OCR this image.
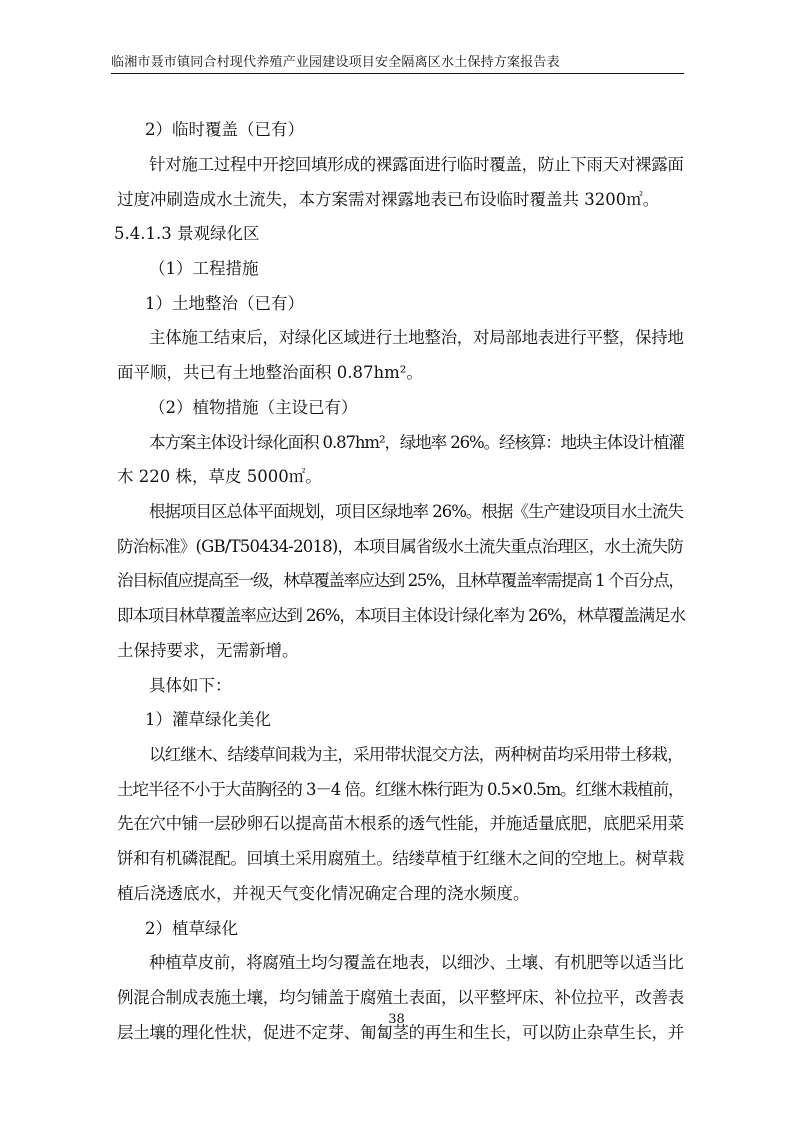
临湘市聂市镇同合村现代养殖产业园建设项目安全隔离区水土保持方案报告表
2）临时覆盖（已有）
针对施工过程中开挖回填形成的裸露面进行临时覆盖，防止下雨天对裸露面
过度冲刷造成水土流失，本方案需对裸露地表已布设临时覆盖共 3200㎡。
5.4.1.3 景观绿化区
（1）工程措施
1）土地整治（已有）
主体施工结束后，对绿化区域进行土地整治，对局部地表进行平整，保持地
面平顺，共已有土地整治面积 0.87hm²。
（2）植物措施（主设已有）
本方案主体设计绿化面积 0.87hm²，绿地率 26%。经核算：地块主体设计植灌
木 220 株，草皮 5000㎡。
根据项目区总体平面规划，项目区绿地率 26%。根据《生产建设项目水土流失
防治标准》(GB/T50434-2018)，本项目属省级水土流失重点治理区，水土流失防
治目标值应提高至一级，林草覆盖率应达到 25%，且林草覆盖率需提高 1 个百分点，
即本项目林草覆盖率应达到 26%，本项目主体设计绿化率为 26%，林草覆盖满足水
土保持要求，无需新增。
具体如下：
1）灌草绿化美化
以红继木、结缕草间栽为主，采用带状混交方法，两种树苗均采用带土移栽，
土坨半径不小于大苗胸径的 3－4 倍。红继木株行距为 0.5×0.5m。红继木栽植前，
先在穴中铺一层砂卵石以提高苗木根系的透气性能，并施适量底肥，底肥采用菜
饼和有机磷混配。回填土采用腐殖土。结缕草植于红继木之间的空地上。树草栽
植后浇透底水，并视天气变化情况确定合理的浇水频度。
2）植草绿化
种植草皮前，将腐殖土均匀覆盖在地表，以细沙、土壤、有机肥等以适当比
例混合制成表施土壤，均匀铺盖于腐殖土表面，以平整坪床、补位拉平，改善表
层土壤的理化性状，促进不定芽、匍匐茎的再生和生长，可以防止杂草生长，并
38
